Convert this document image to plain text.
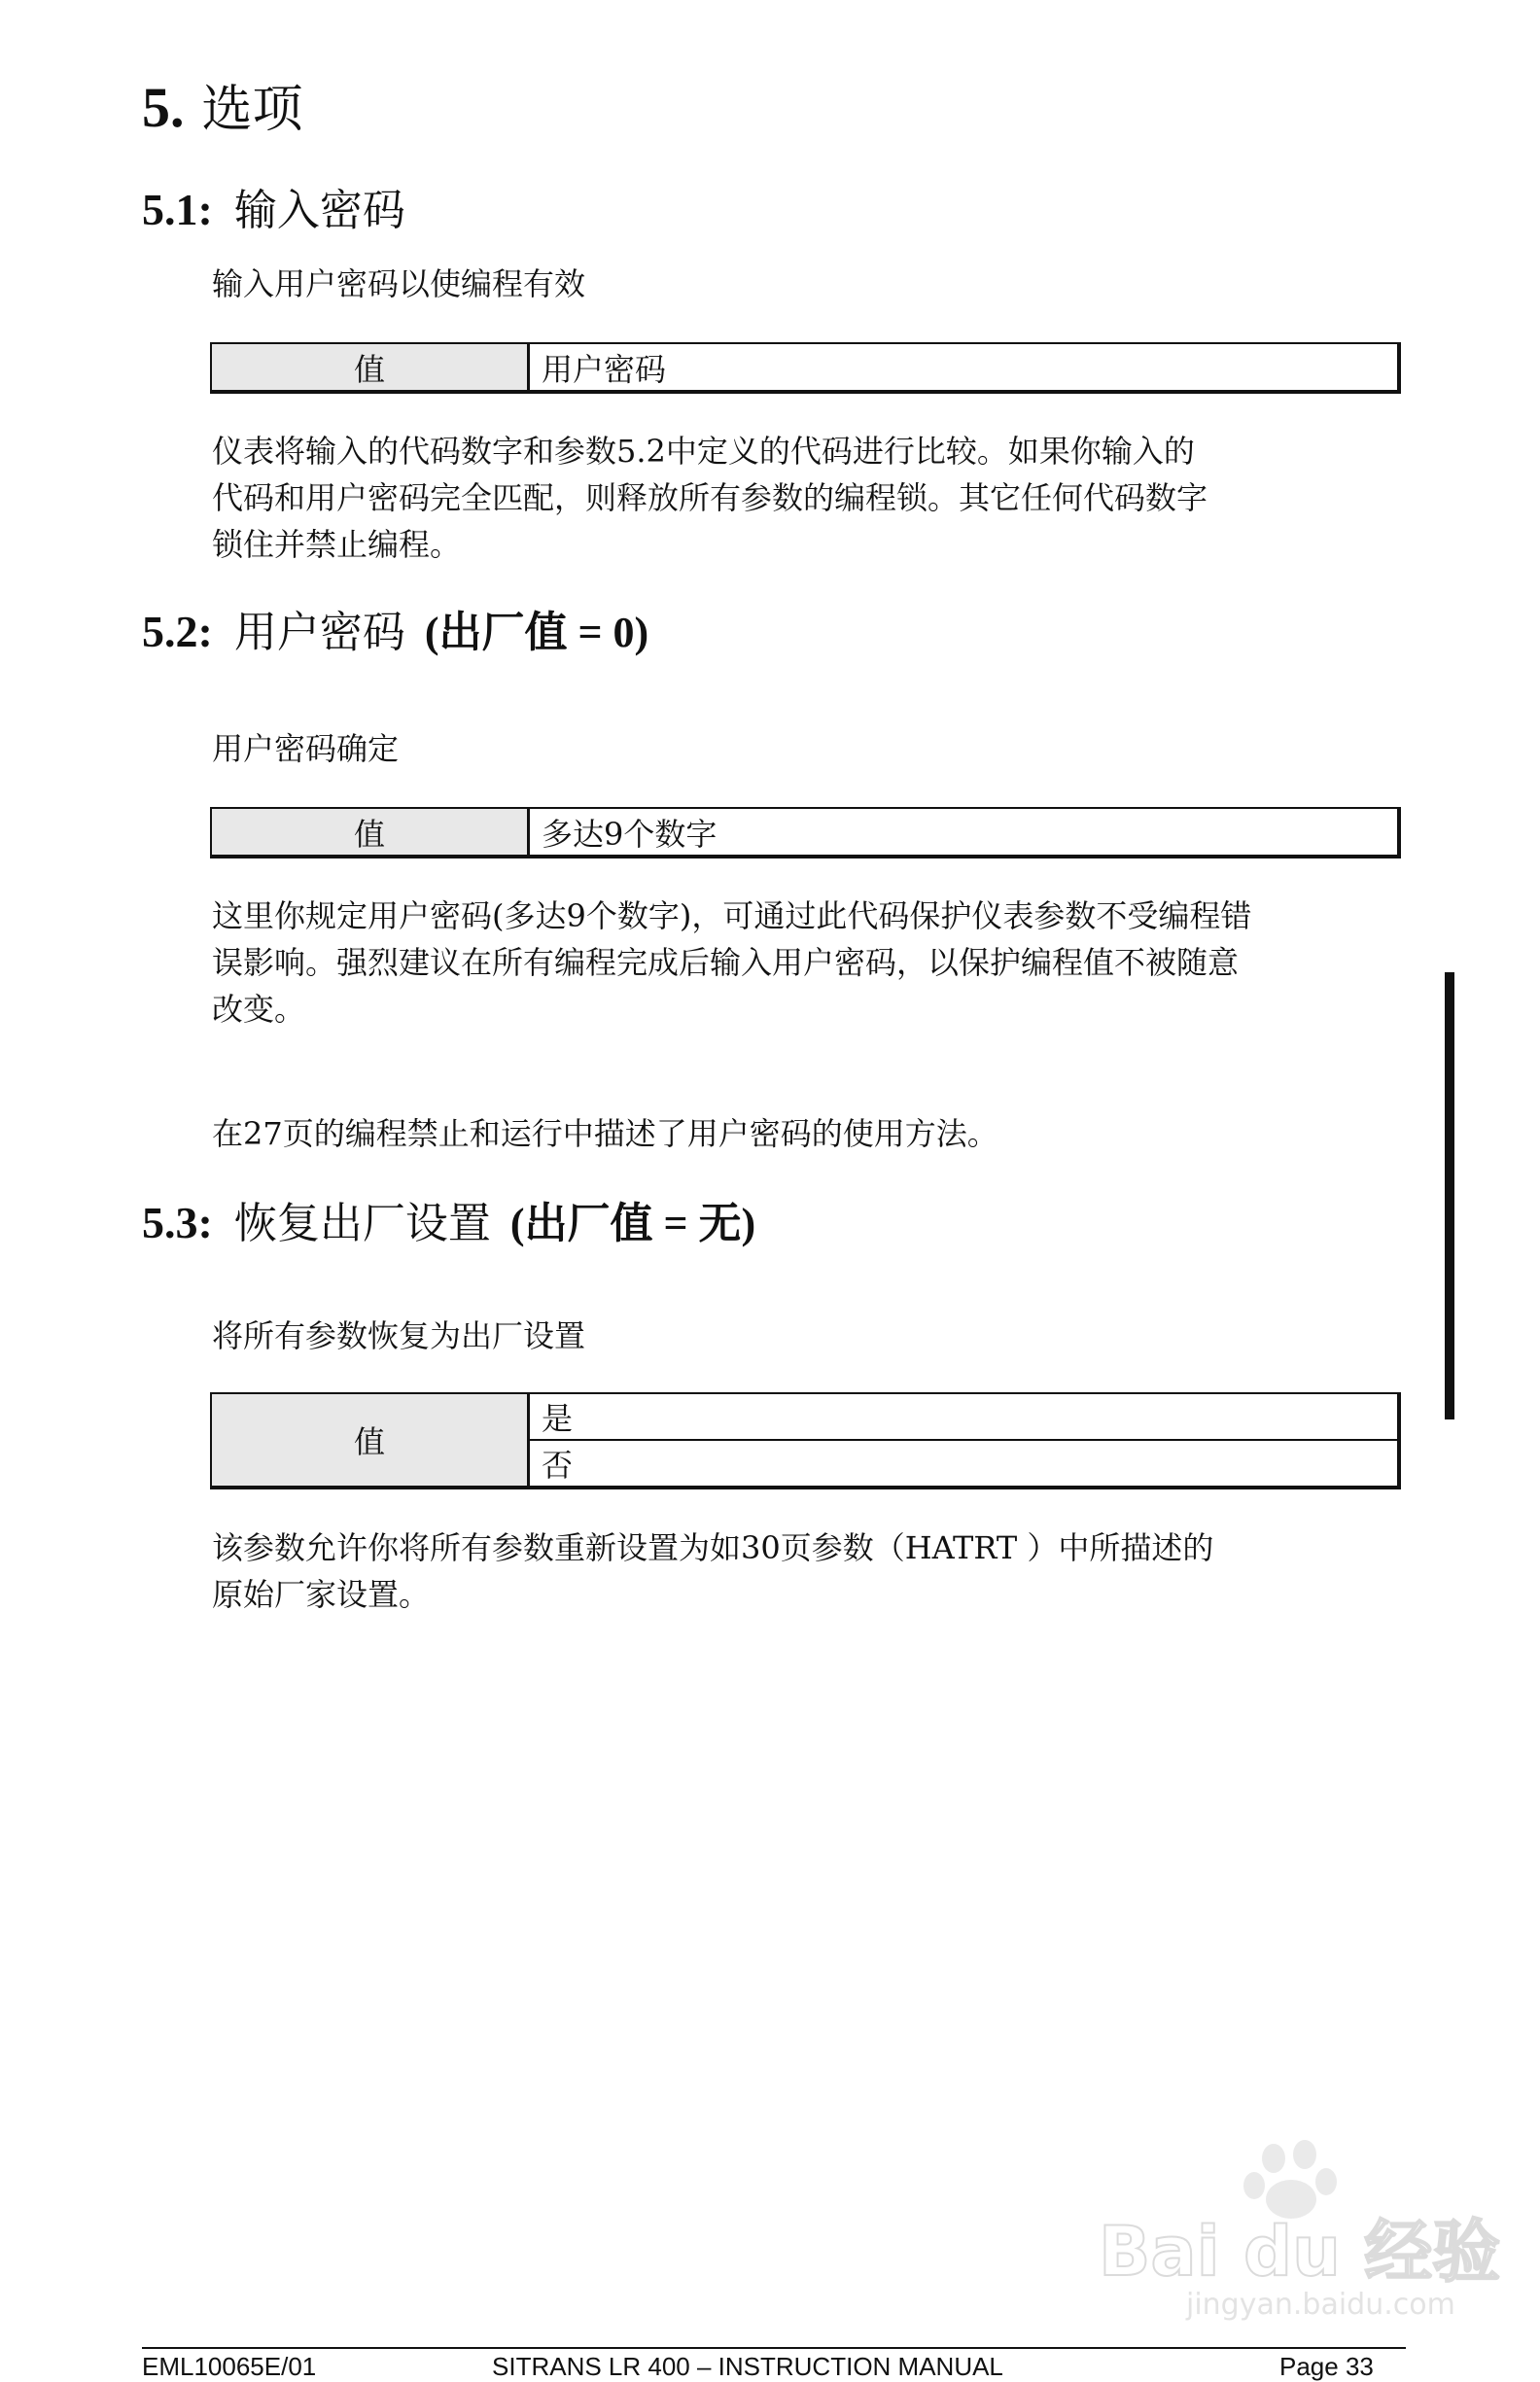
5. 选项
5.1: 输入密码
输入用户密码以使编程有效
值	用户密码
仪表将输入的代码数字和参数5.2中定义的代码进行比较。如果你输入的
代码和用户密码完全匹配，则释放所有参数的编程锁。其它任何代码数字
锁住并禁止编程。
5.2: 用户密码 (出厂值 = 0)
用户密码确定
值	多达9个数字
这里你规定用户密码(多达9个数字)，可通过此代码保护仪表参数不受编程错
误影响。强烈建议在所有编程完成后输入用户密码，以保护编程值不被随意
改变。
在27页的编程禁止和运行中描述了用户密码的使用方法。
5.3: 恢复出厂设置 (出厂值 = 无)
将所有参数恢复为出厂设置
值	是
否
该参数允许你将所有参数重新设置为如30页参数（HATRT ）中所描述的
原始厂家设置。
Bai du 经验
jingyan.baidu.com
EML10065E/01	SITRANS LR 400 – INSTRUCTION MANUAL	Page 33
